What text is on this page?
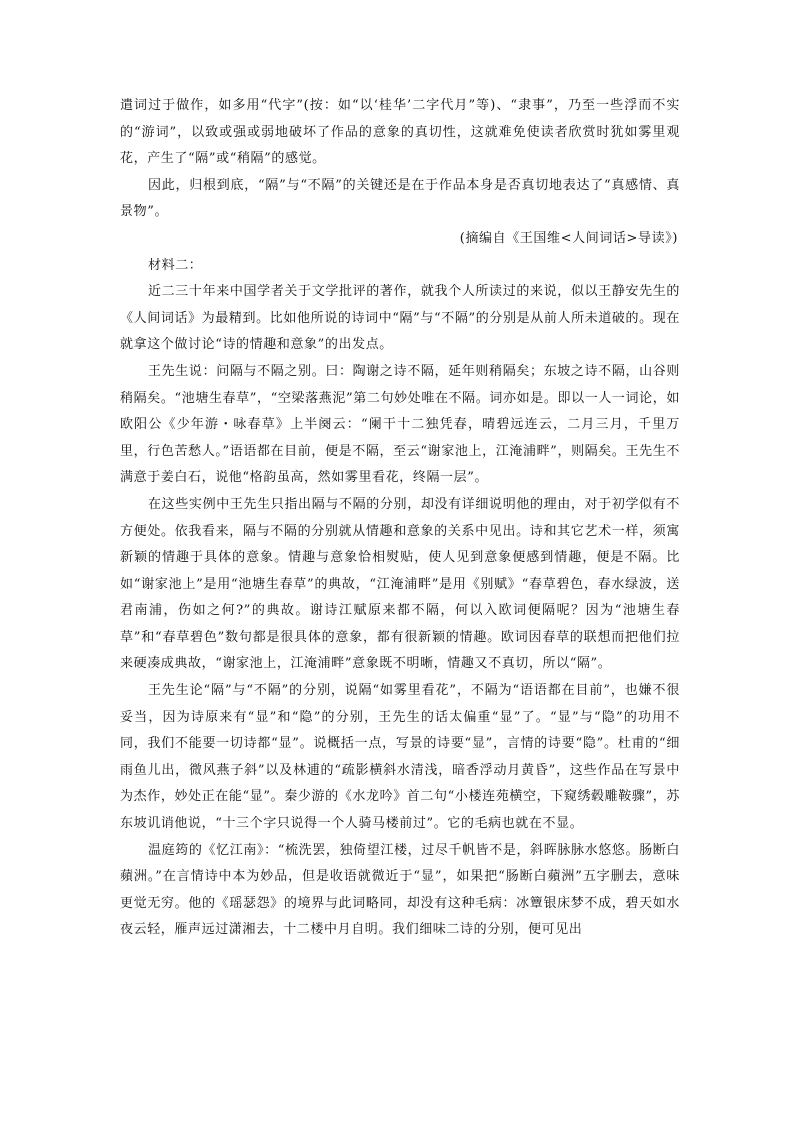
遣词过于做作，如多用“代字”(按：如“以‘桂华’二字代月”等)、“隶事”，乃至一些浮而不实的“游词”，以致或强或弱地破坏了作品的意象的真切性，这就难免使读者欣赏时犹如雾里观花，产生了“隔”或“稍隔”的感觉。

因此，归根到底，“隔”与“不隔”的关键还是在于作品本身是否真切地表达了“真感情、真景物”。

(摘编自《王国维<人间词话>导读》)

材料二：

近二三十年来中国学者关于文学批评的著作，就我个人所读过的来说，似以王静安先生的《人间词话》为最精到。比如他所说的诗词中“隔”与“不隔”的分别是从前人所未道破的。现在就拿这个做讨论“诗的情趣和意象”的出发点。

王先生说：问隔与不隔之别。曰：陶谢之诗不隔，延年则稍隔矣；东坡之诗不隔，山谷则稍隔矣。“池塘生春草”，“空梁落燕泥”第二句妙处唯在不隔。词亦如是。即以一人一词论，如欧阳公《少年游・咏春草》上半阕云：“阑干十二独凭春，晴碧远连云，二月三月，千里万里，行色苦愁人。”语语都在目前，便是不隔，至云“谢家池上，江淹浦畔”，则隔矣。王先生不满意于姜白石，说他“格韵虽高，然如雾里看花，终隔一层”。

在这些实例中王先生只指出隔与不隔的分别，却没有详细说明他的理由，对于初学似有不方便处。依我看来，隔与不隔的分别就从情趣和意象的关系中见出。诗和其它艺术一样，须寓新颖的情趣于具体的意象。情趣与意象恰相熨贴，使人见到意象便感到情趣，便是不隔。比如“谢家池上”是用“池塘生春草”的典故，“江淹浦畔”是用《别赋》“春草碧色，春水绿波，送君南浦，伤如之何?”的典故。谢诗江赋原来都不隔，何以入欧词便隔呢？因为“池塘生春草”和“春草碧色”数句都是很具体的意象，都有很新颖的情趣。欧词因春草的联想而把他们拉来硬凑成典故，“谢家池上，江淹浦畔”意象既不明晰，情趣又不真切，所以“隔”。

王先生论“隔”与“不隔”的分别，说隔“如雾里看花”，不隔为“语语都在目前”，也嫌不很妥当，因为诗原来有“显”和“隐”的分别，王先生的话太偏重“显”了。“显”与“隐”的功用不同，我们不能要一切诗都“显”。说概括一点，写景的诗要“显”，言情的诗要“隐”。杜甫的“细雨鱼儿出，微风燕子斜”以及林逋的“疏影横斜水清浅，暗香浮动月黄昏”，这些作品在写景中为杰作，妙处正在能“显”。秦少游的《水龙吟》首二句“小楼连苑横空，下窥绣毂雕鞍骤”，苏东坡讥诮他说，“十三个字只说得一个人骑马楼前过”。它的毛病也就在不显。

温庭筠的《忆江南》：“梳洗罢，独倚望江楼，过尽千帆皆不是，斜晖脉脉水悠悠。肠断白蘋洲。”在言情诗中本为妙品，但是收语就微近于“显”，如果把“肠断白蘋洲”五字删去，意味更觉无穷。他的《瑶瑟怨》的境界与此词略同，却没有这种毛病：冰簟银床梦不成，碧天如水夜云轻，雁声远过潇湘去，十二楼中月自明。我们细味二诗的分别，便可见出
